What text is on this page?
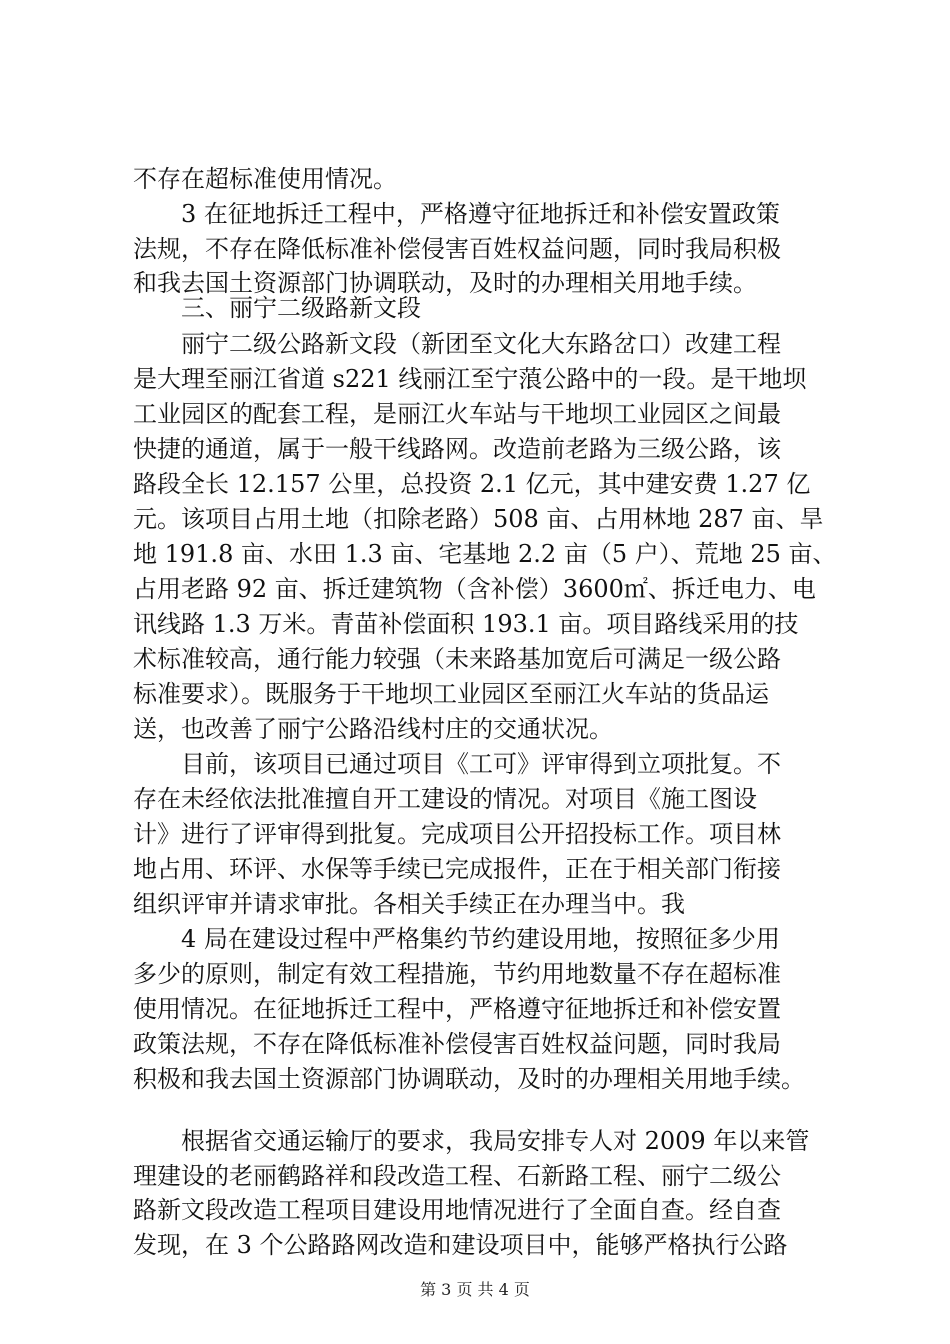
不存在超标准使用情况。
3 在征地拆迁工程中，严格遵守征地拆迁和补偿安置政策
法规，不存在降低标准补偿侵害百姓权益问题，同时我局积极
和我去国土资源部门协调联动，及时的办理相关用地手续。
三、丽宁二级路新文段
丽宁二级公路新文段（新团至文化大东路岔口）改建工程
是大理至丽江省道 s221 线丽江至宁蒗公路中的一段。是干地坝
工业园区的配套工程，是丽江火车站与干地坝工业园区之间最
快捷的通道，属于一般干线路网。改造前老路为三级公路，该
路段全长 12.157 公里，总投资 2.1 亿元，其中建安费 1.27 亿
元。该项目占用土地（扣除老路）508 亩、占用林地 287 亩、旱
地 191.8 亩、水田 1.3 亩、宅基地 2.2 亩（5 户）、荒地 25 亩、
占用老路 92 亩、拆迁建筑物（含补偿）3600㎡、拆迁电力、电
讯线路 1.3 万米。青苗补偿面积 193.1 亩。项目路线采用的技
术标准较高，通行能力较强（未来路基加宽后可满足一级公路
标准要求）。既服务于干地坝工业园区至丽江火车站的货品运
送，也改善了丽宁公路沿线村庄的交通状况。
目前，该项目已通过项目《工可》评审得到立项批复。不
存在未经依法批准擅自开工建设的情况。对项目《施工图设
计》进行了评审得到批复。完成项目公开招投标工作。项目林
地占用、环评、水保等手续已完成报件，正在于相关部门衔接
组织评审并请求审批。各相关手续正在办理当中。我
4 局在建设过程中严格集约节约建设用地，按照征多少用
多少的原则，制定有效工程措施，节约用地数量不存在超标准
使用情况。在征地拆迁工程中，严格遵守征地拆迁和补偿安置
政策法规，不存在降低标准补偿侵害百姓权益问题，同时我局
积极和我去国土资源部门协调联动，及时的办理相关用地手续。
根据省交通运输厅的要求，我局安排专人对 2009 年以来管
理建设的老丽鹤路祥和段改造工程、石新路工程、丽宁二级公
路新文段改造工程项目建设用地情况进行了全面自查。经自查
发现，在 3 个公路路网改造和建设项目中，能够严格执行公路
第 3 页 共 4 页
